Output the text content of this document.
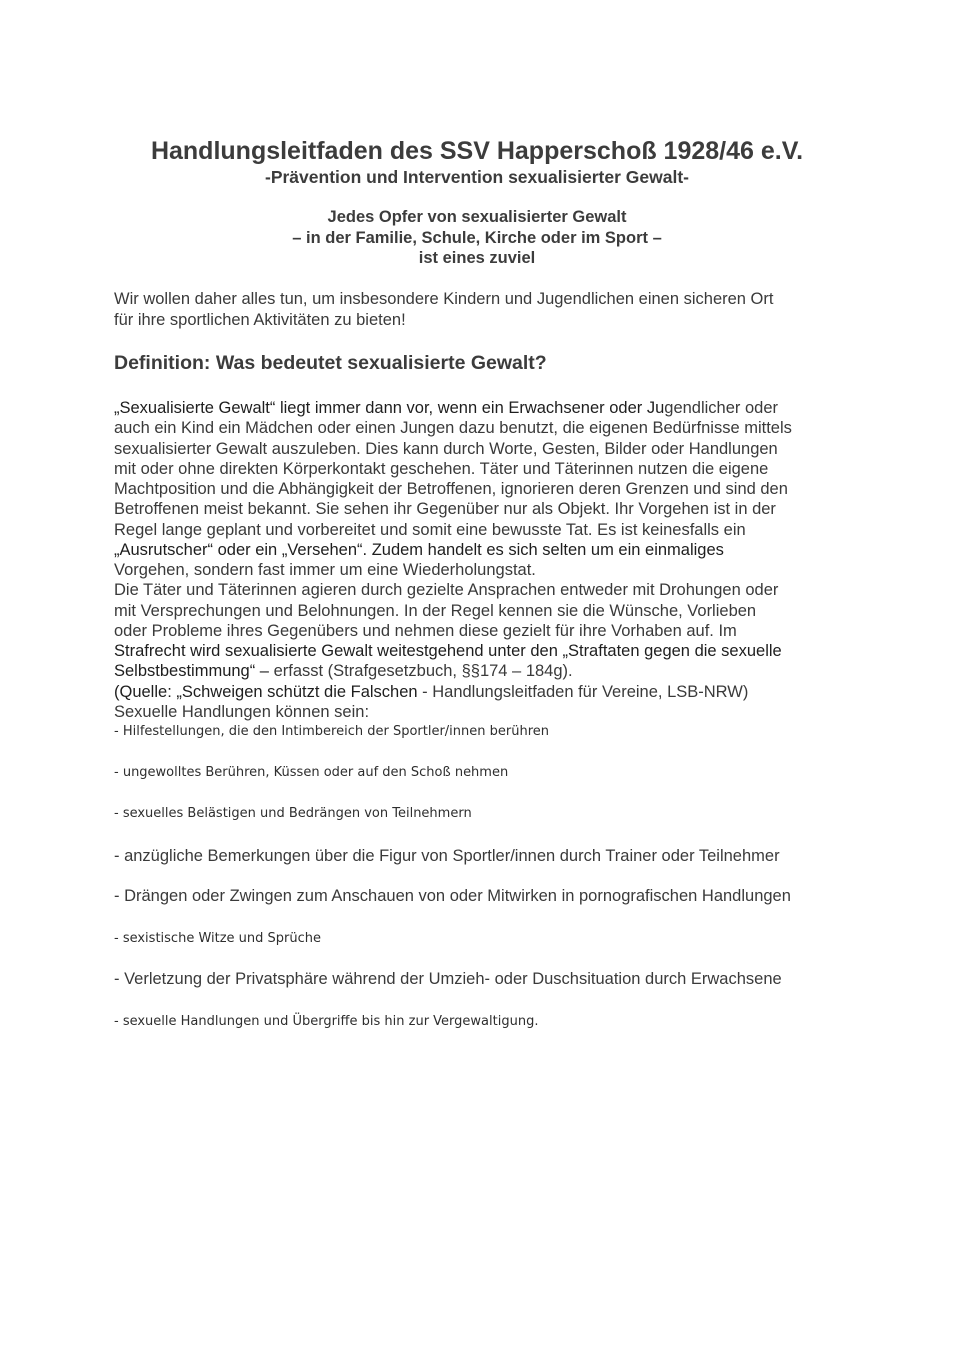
Handlungsleitfaden des SSV Happerschoß 1928/46 e.V.
-Prävention und Intervention sexualisierter Gewalt-
Jedes Opfer von sexualisierter Gewalt
– in der Familie, Schule, Kirche oder im Sport –
ist eines zuviel
Wir wollen daher alles tun, um insbesondere Kindern und Jugendlichen einen sicheren Ort
für ihre sportlichen Aktivitäten zu bieten!
Definition: Was bedeutet sexualisierte Gewalt?
„Sexualisierte Gewalt“ liegt immer dann vor, wenn ein Erwachsener oder Jugendlicher oder
auch ein Kind ein Mädchen oder einen Jungen dazu benutzt, die eigenen Bedürfnisse mittels
sexualisierter Gewalt auszuleben. Dies kann durch Worte, Gesten, Bilder oder Handlungen
mit oder ohne direkten Körperkontakt geschehen. Täter und Täterinnen nutzen die eigene
Machtposition und die Abhängigkeit der Betroffenen, ignorieren deren Grenzen und sind den
Betroffenen meist bekannt. Sie sehen ihr Gegenüber nur als Objekt. Ihr Vorgehen ist in der
Regel lange geplant und vorbereitet und somit eine bewusste Tat. Es ist keinesfalls ein
„Ausrutscher“ oder ein „Versehen“. Zudem handelt es sich selten um ein einmaliges
Vorgehen, sondern fast immer um eine Wiederholungstat.
Die Täter und Täterinnen agieren durch gezielte Ansprachen entweder mit Drohungen oder
mit Versprechungen und Belohnungen. In der Regel kennen sie die Wünsche, Vorlieben
oder Probleme ihres Gegenübers und nehmen diese gezielt für ihre Vorhaben auf. Im
Strafrecht wird sexualisierte Gewalt weitestgehend unter den „Straftaten gegen die sexuelle
Selbstbestimmung“ – erfasst (Strafgesetzbuch, §§174 – 184g).
(Quelle: „Schweigen schützt die Falschen - Handlungsleitfaden für Vereine, LSB-NRW)
Sexuelle Handlungen können sein:
- Hilfestellungen, die den Intimbereich der Sportler/innen berühren
- ungewolltes Berühren, Küssen oder auf den Schoß nehmen
- sexuelles Belästigen und Bedrängen von Teilnehmern
- anzügliche Bemerkungen über die Figur von Sportler/innen durch Trainer oder Teilnehmer
- Drängen oder Zwingen zum Anschauen von oder Mitwirken in pornografischen Handlungen
- sexistische Witze und Sprüche
- Verletzung der Privatsphäre während der Umzieh- oder Duschsituation durch Erwachsene
- sexuelle Handlungen und Übergriffe bis hin zur Vergewaltigung.
